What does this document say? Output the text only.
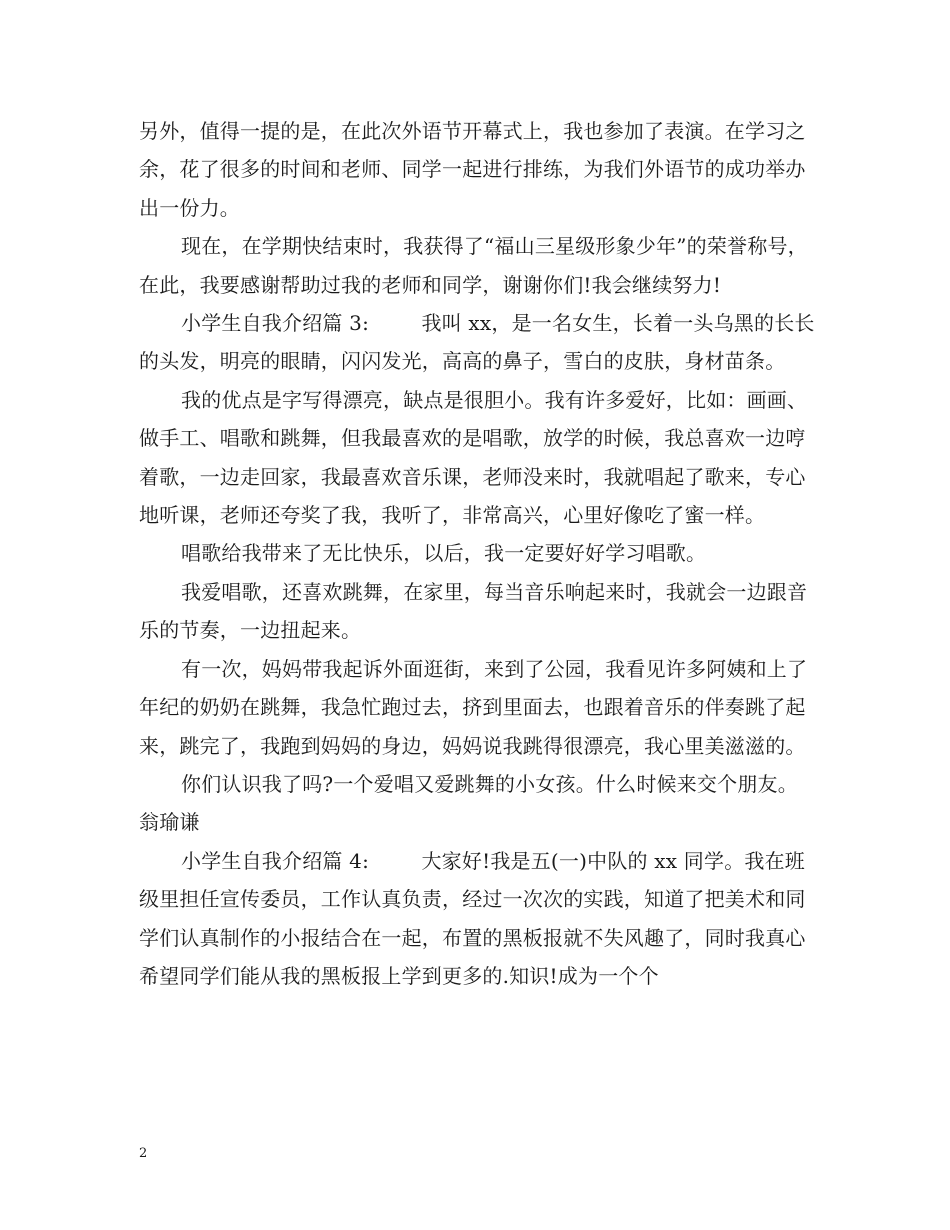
另外，值得一提的是，在此次外语节开幕式上，我也参加了表演。在学习之余，花了很多的时间和老师、同学一起进行排练，为我们外语节的成功举办出一份力。

现在，在学期快结束时，我获得了“福山三星级形象少年”的荣誉称号，在此，我要感谢帮助过我的老师和同学，谢谢你们!我会继续努力!

小学生自我介绍篇 3:        我叫 xx，是一名女生，长着一头乌黑的长长的头发，明亮的眼睛，闪闪发光，高高的鼻子，雪白的皮肤，身材苗条。

我的优点是字写得漂亮，缺点是很胆小。我有许多爱好，比如：画画、做手工、唱歌和跳舞，但我最喜欢的是唱歌，放学的时候，我总喜欢一边哼着歌，一边走回家，我最喜欢音乐课，老师没来时，我就唱起了歌来，专心地听课，老师还夸奖了我，我听了，非常高兴，心里好像吃了蜜一样。

唱歌给我带来了无比快乐，以后，我一定要好好学习唱歌。

我爱唱歌，还喜欢跳舞，在家里，每当音乐响起来时，我就会一边跟音乐的节奏，一边扭起来。

有一次，妈妈带我起诉外面逛街，来到了公园，我看见许多阿姨和上了年纪的奶奶在跳舞，我急忙跑过去，挤到里面去，也跟着音乐的伴奏跳了起来，跳完了，我跑到妈妈的身边，妈妈说我跳得很漂亮，我心里美滋滋的。

你们认识我了吗?一个爱唱又爱跳舞的小女孩。什么时候来交个朋友。翁瑜谦

小学生自我介绍篇 4:        大家好!我是五(一)中队的 xx 同学。我在班级里担任宣传委员，工作认真负责，经过一次次的实践，知道了把美术和同学们认真制作的小报结合在一起，布置的黑板报就不失风趣了，同时我真心希望同学们能从我的黑板报上学到更多的.知识!成为一个个

2
